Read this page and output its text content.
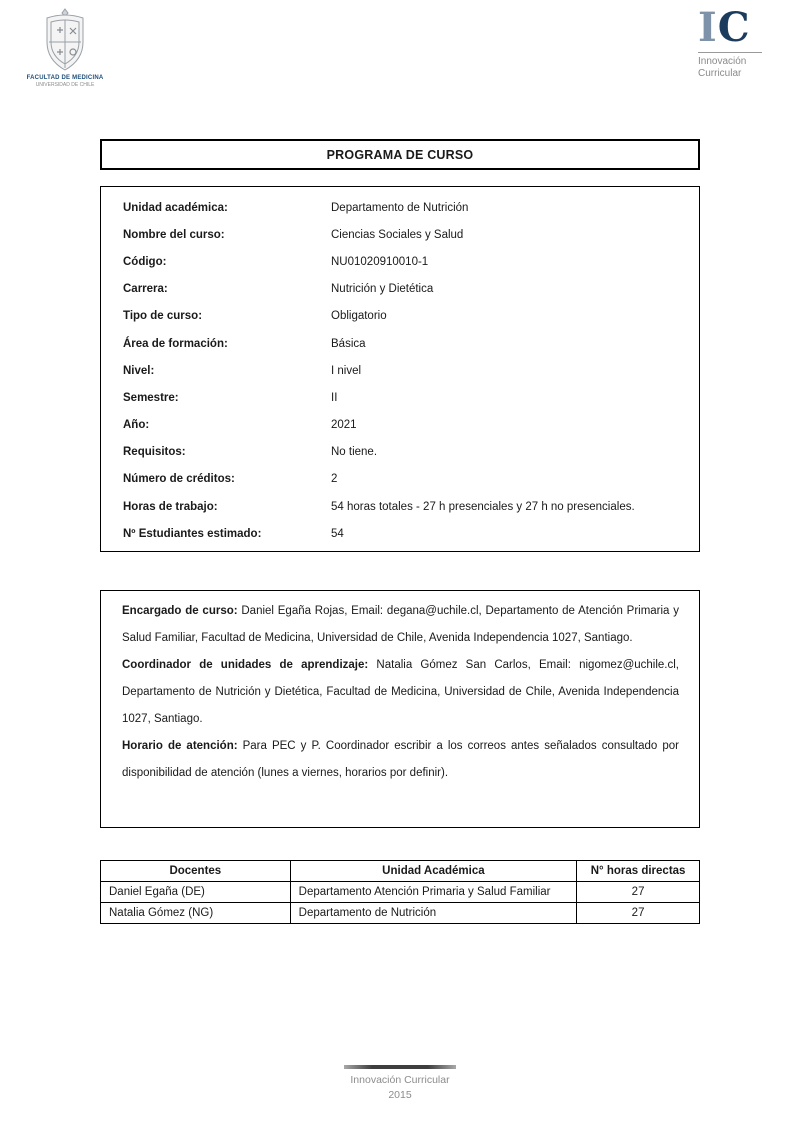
FACULTAD DE MEDICINA
UNIVERSIDAD DE CHILE
IC
Innovación
Curricular
PROGRAMA DE CURSO
Unidad académica:	Departamento de Nutrición
Nombre del curso:	Ciencias Sociales y Salud
Código:	NU01020910010-1
Carrera:	Nutrición y Dietética
Tipo de curso:	Obligatorio
Área de formación:	Básica
Nivel:	I nivel
Semestre:	II
Año:	2021
Requisitos:	No tiene.
Número de créditos:	2
Horas de trabajo:	54 horas totales - 27 h presenciales y 27 h no presenciales.
Nº Estudiantes estimado:	54

Encargado de curso: Daniel Egaña Rojas, Email: degana@uchile.cl, Departamento de Atención Primaria y Salud Familiar, Facultad de Medicina, Universidad de Chile, Avenida Independencia 1027, Santiago.

Coordinador de unidades de aprendizaje: Natalia Gómez San Carlos, Email: nigomez@uchile.cl, Departamento de Nutrición y Dietética, Facultad de Medicina, Universidad de Chile, Avenida Independencia 1027, Santiago.

Horario de atención: Para PEC y P. Coordinador escribir a los correos antes señalados consultado por disponibilidad de atención (lunes a viernes, horarios por definir).

Docentes	Unidad Académica	N° horas directas
Daniel Egaña (DE)	Departamento Atención Primaria y Salud Familiar	27
Natalia Gómez (NG)	Departamento de Nutrición	27
Innovación Curricular
2015
